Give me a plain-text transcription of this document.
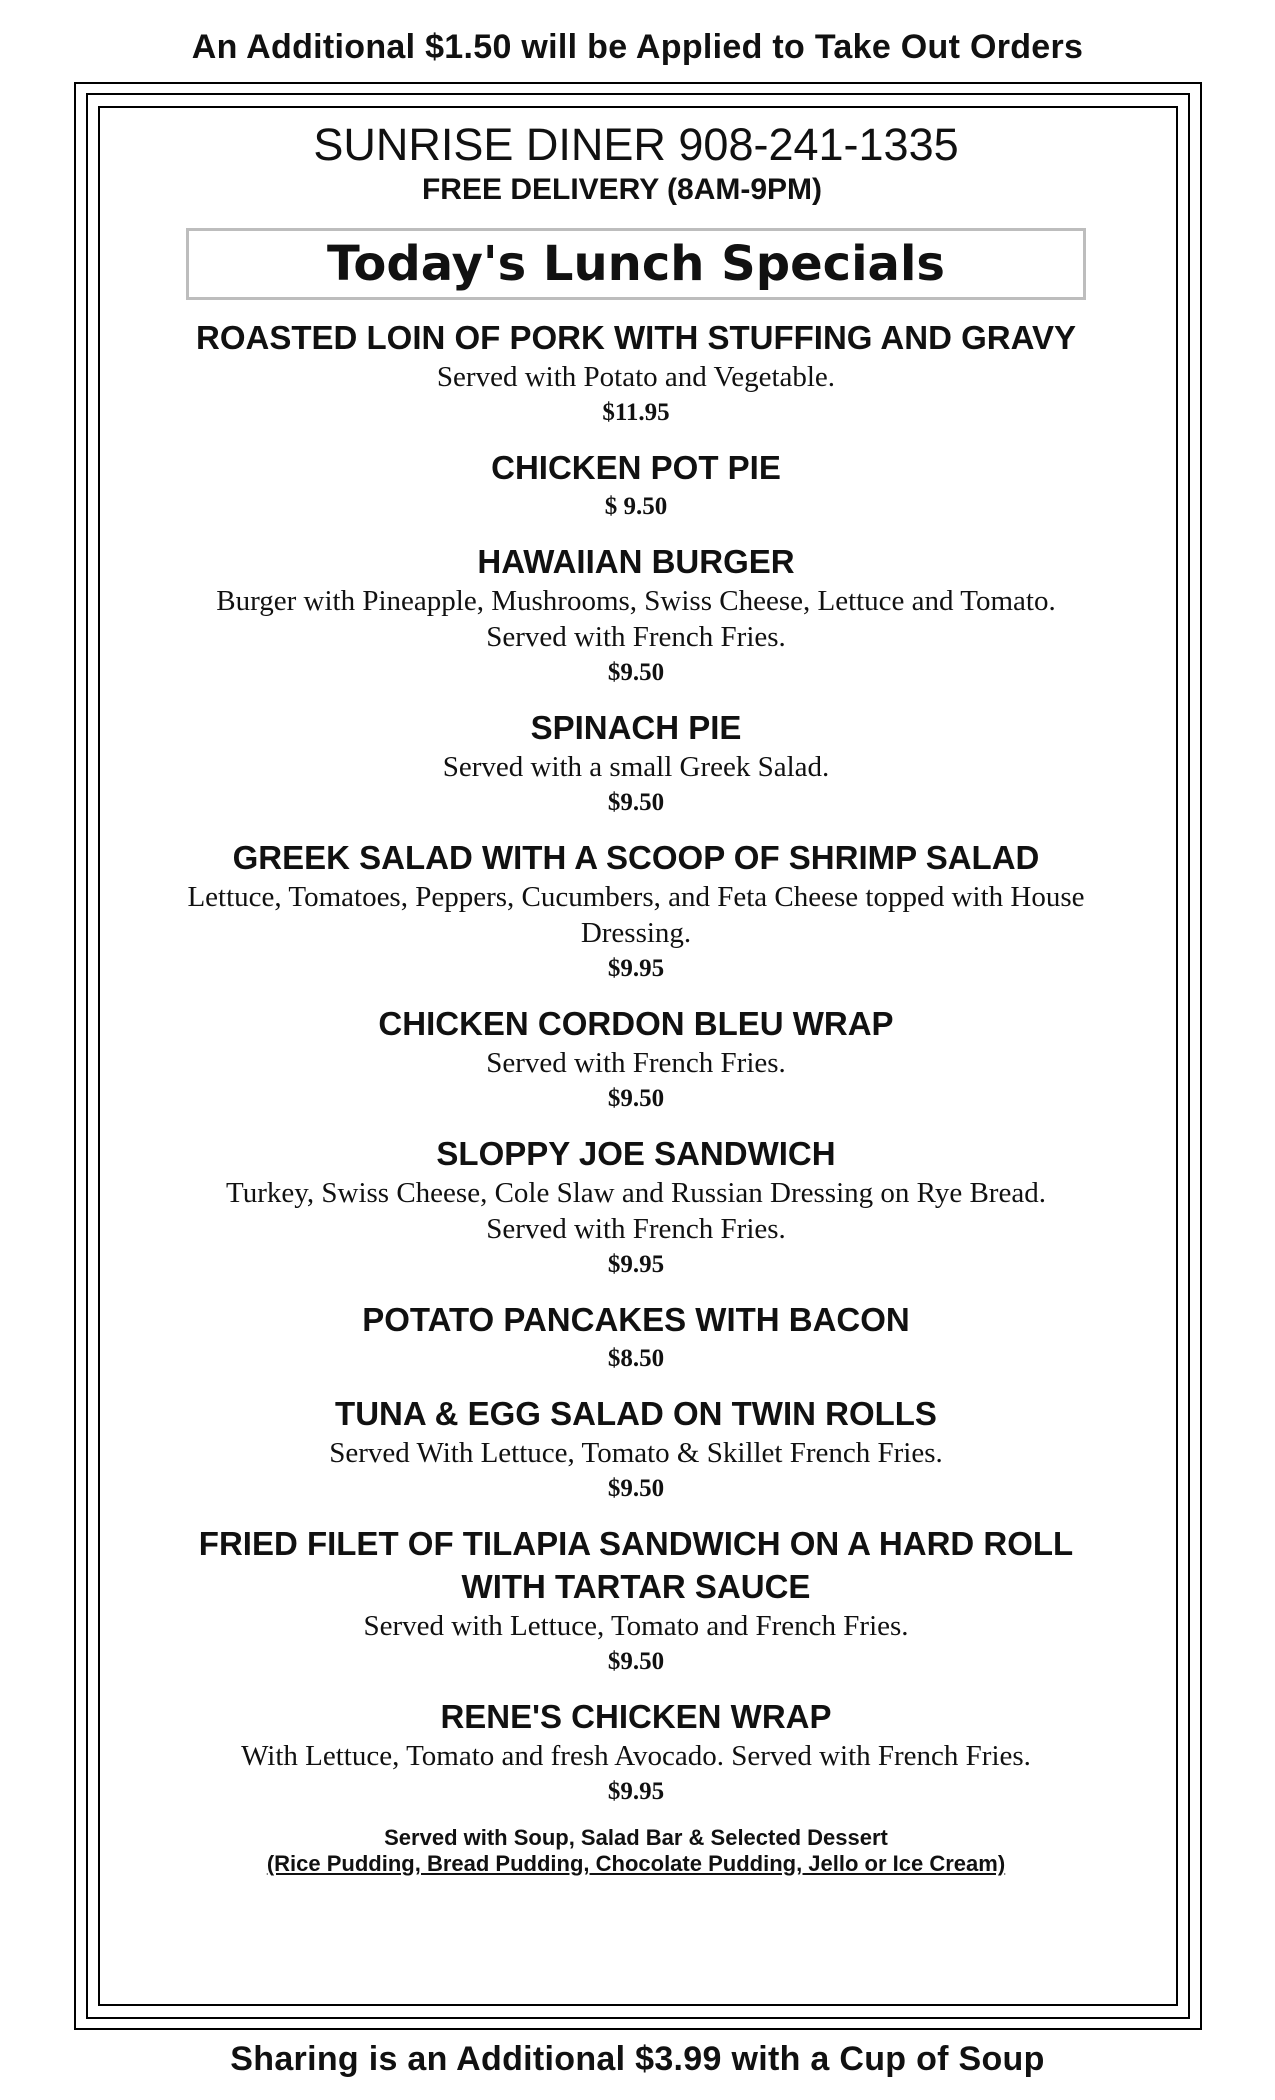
An Additional $1.50 will be Applied to Take Out Orders
SUNRISE DINER 908-241-1335
FREE DELIVERY (8AM-9PM)
Today's Lunch Specials
ROASTED LOIN OF PORK WITH STUFFING AND GRAVY
Served with Potato and Vegetable.
$11.95
CHICKEN POT PIE
$ 9.50
HAWAIIAN BURGER
Burger with Pineapple, Mushrooms, Swiss Cheese, Lettuce and Tomato. Served with French Fries.
$9.50
SPINACH PIE
Served with a small Greek Salad.
$9.50
GREEK SALAD WITH A SCOOP OF SHRIMP SALAD
Lettuce, Tomatoes, Peppers, Cucumbers, and Feta Cheese topped with House Dressing.
$9.95
CHICKEN CORDON BLEU WRAP
Served with French Fries.
$9.50
SLOPPY JOE SANDWICH
Turkey, Swiss Cheese, Cole Slaw and Russian Dressing on Rye Bread. Served with French Fries.
$9.95
POTATO PANCAKES WITH BACON
$8.50
TUNA & EGG SALAD ON TWIN ROLLS
Served With Lettuce, Tomato & Skillet French Fries.
$9.50
FRIED FILET OF TILAPIA SANDWICH ON A HARD ROLL WITH TARTAR SAUCE
Served with Lettuce, Tomato and French Fries.
$9.50
RENE'S CHICKEN WRAP
With Lettuce, Tomato and fresh Avocado. Served with French Fries.
$9.95
Served with Soup, Salad Bar & Selected Dessert
(Rice Pudding, Bread Pudding, Chocolate Pudding, Jello or Ice Cream)
Sharing is an Additional $3.99 with a Cup of Soup
